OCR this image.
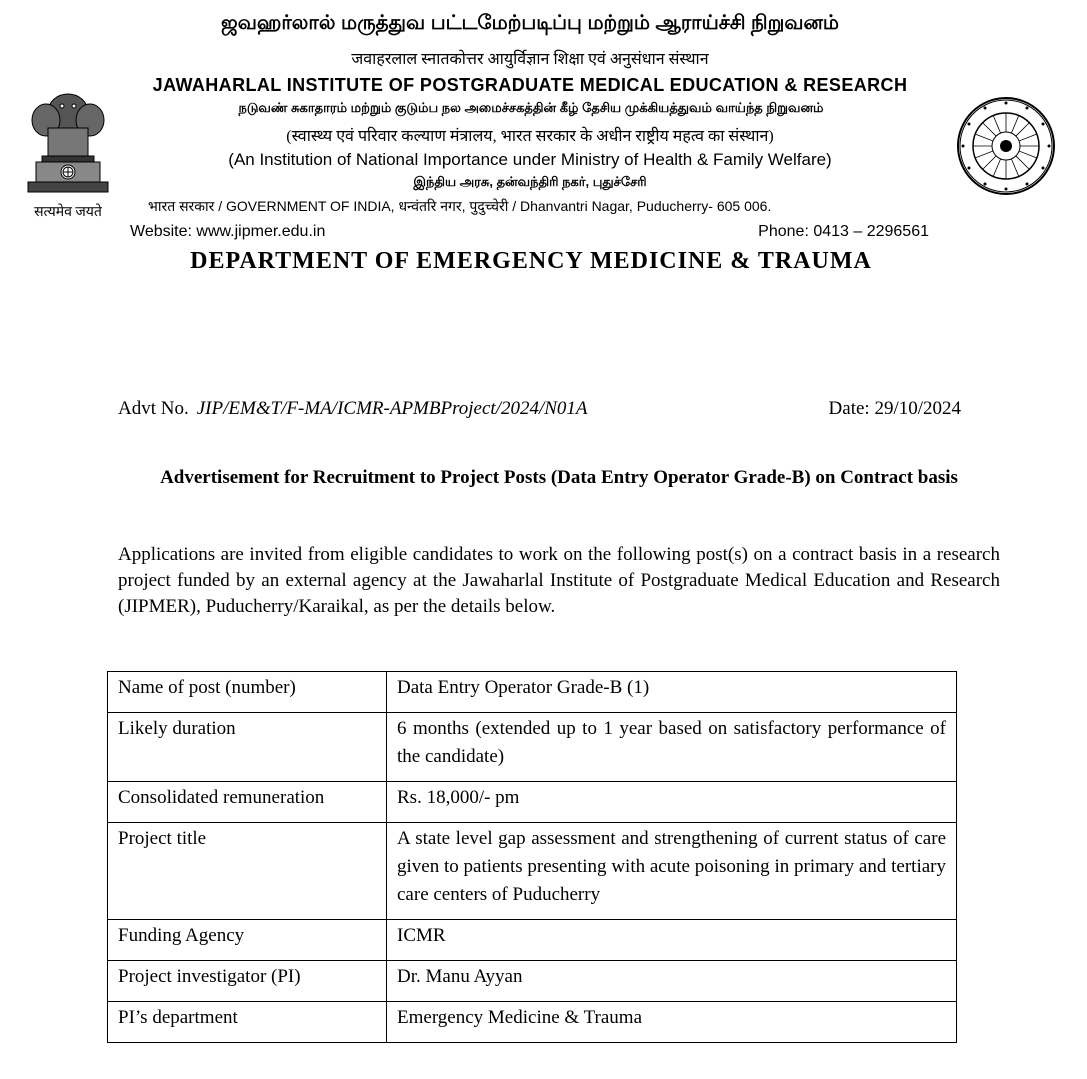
सत्यमेव जयते
ஜவஹர்லால் மருத்துவ பட்டமேற்படிப்பு மற்றும் ஆராய்ச்சி நிறுவனம்
जवाहरलाल स्नातकोत्तर आयुर्विज्ञान शिक्षा एवं अनुसंधान संस्थान
JAWAHARLAL INSTITUTE OF POSTGRADUATE MEDICAL EDUCATION & RESEARCH
நடுவண் சுகாதாரம் மற்றும் குடும்ப நல அமைச்சகத்தின் கீழ் தேசிய முக்கியத்துவம் வாய்ந்த நிறுவனம்
(स्वास्थ्य एवं परिवार कल्याण मंत्रालय, भारत सरकार के अधीन राष्ट्रीय महत्व का संस्थान)
(An Institution of National Importance under Ministry of Health & Family Welfare)
இந்திய அரசு, தன்வந்திரி நகர், புதுச்சேரி
भारत सरकार / GOVERNMENT OF INDIA, धन्वंतरि नगर, पुदुच्चेरी / Dhanvantri Nagar, Puducherry- 605 006.
Website: www.jipmer.edu.in	Phone: 0413 – 2296561
DEPARTMENT OF EMERGENCY MEDICINE & TRAUMA
Advt No. JIP/EM&T/F-MA/ICMR-APMBProject/2024/N01A	Date: 29/10/2024
Advertisement for Recruitment to Project Posts (Data Entry Operator Grade-B) on Contract basis
Applications are invited from eligible candidates to work on the following post(s) on a contract basis in a research project funded by an external agency at the Jawaharlal Institute of Postgraduate Medical Education and Research (JIPMER), Puducherry/Karaikal, as per the details below.
Name of post (number)	Data Entry Operator Grade-B (1)
Likely duration	6 months (extended up to 1 year based on satisfactory performance of the candidate)
Consolidated remuneration	Rs. 18,000/- pm
Project title	A state level gap assessment and strengthening of current status of care given to patients presenting with acute poisoning in primary and tertiary care centers of Puducherry
Funding Agency	ICMR
Project investigator (PI)	Dr. Manu Ayyan
PI’s department	Emergency Medicine & Trauma
